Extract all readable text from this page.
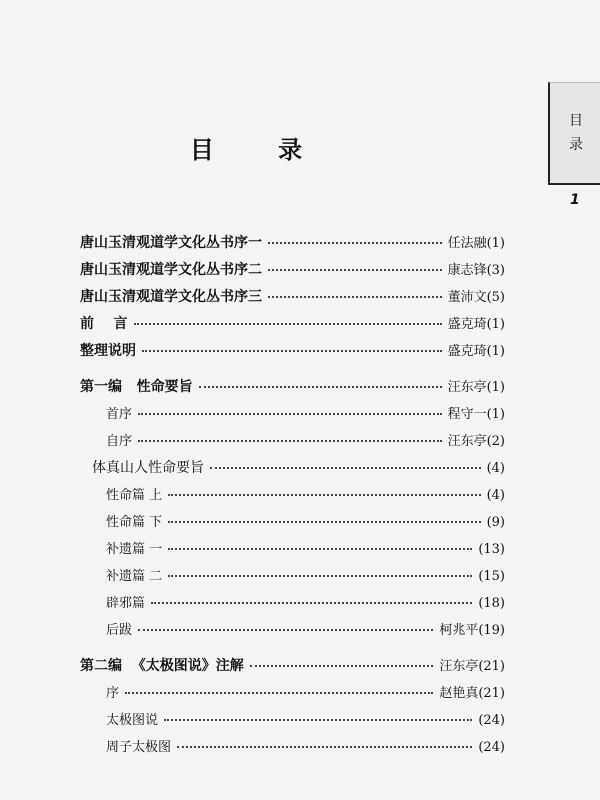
目
录
1
目 录
唐山玉清观道学文化丛书序一	任法融(1)
唐山玉清观道学文化丛书序二	康志锋(3)
唐山玉清观道学文化丛书序三	董沛文(5)
前    言	盛克琦(1)
整理说明	盛克琦(1)
第一编   性命要旨	汪东亭(1)
首序	程守一(1)
自序	汪东亭(2)
体真山人性命要旨	(4)
性命篇 上	(4)
性命篇 下	(9)
补遗篇 一	(13)
补遗篇 二	(15)
辟邪篇	(18)
后跋	柯兆平(19)
第二编  《太极图说》注解	汪东亭(21)
序	赵艳真(21)
太极图说	(24)
周子太极图	(24)
